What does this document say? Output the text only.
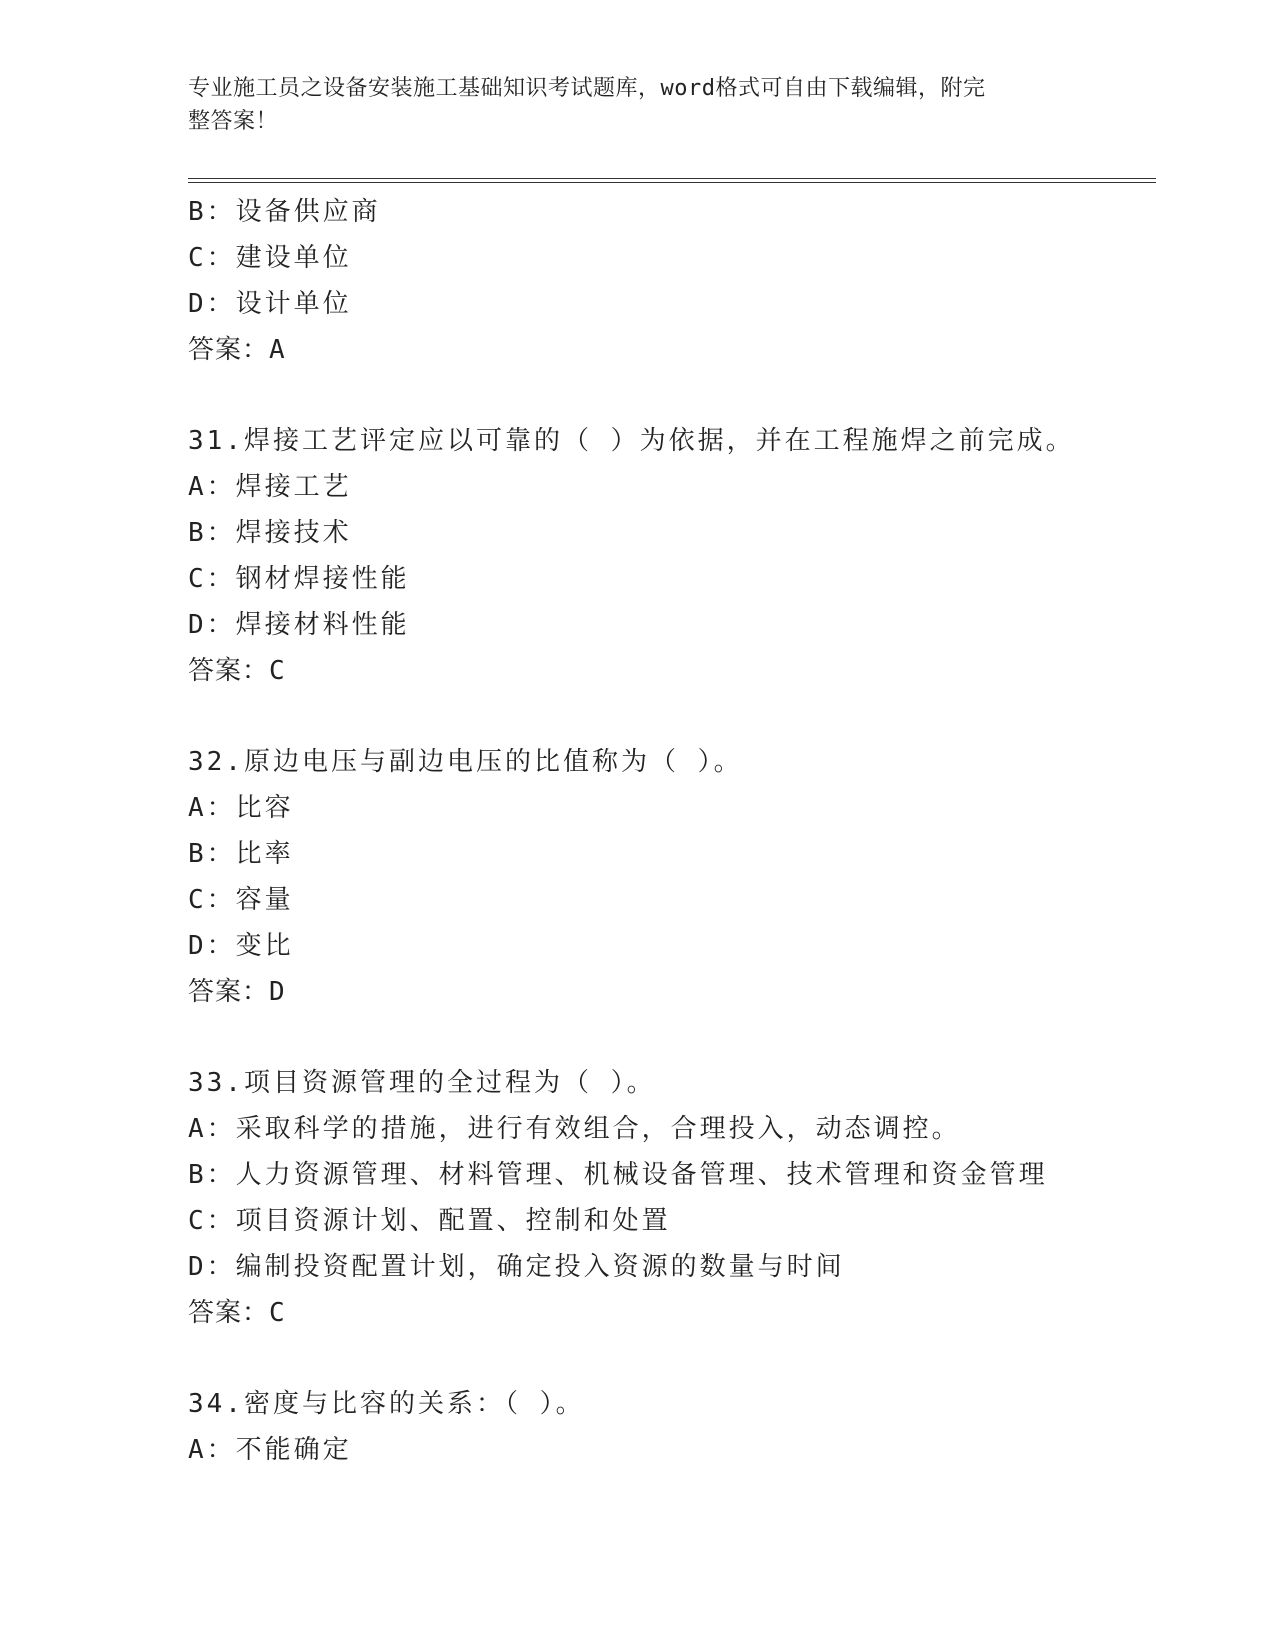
专业施工员之设备安装施工基础知识考试题库，word格式可自由下载编辑，附完
整答案！
B：设备供应商
C：建设单位
D：设计单位
答案：A
31.焊接工艺评定应以可靠的（ ）为依据，并在工程施焊之前完成。
A：焊接工艺
B：焊接技术
C：钢材焊接性能
D：焊接材料性能
答案：C
32.原边电压与副边电压的比值称为（ ）。
A：比容
B：比率
C：容量
D：变比
答案：D
33.项目资源管理的全过程为（ ）。
A：采取科学的措施，进行有效组合，合理投入，动态调控。
B：人力资源管理、材料管理、机械设备管理、技术管理和资金管理
C：项目资源计划、配置、控制和处置
D：编制投资配置计划，确定投入资源的数量与时间
答案：C
34.密度与比容的关系：（ ）。
A：不能确定
